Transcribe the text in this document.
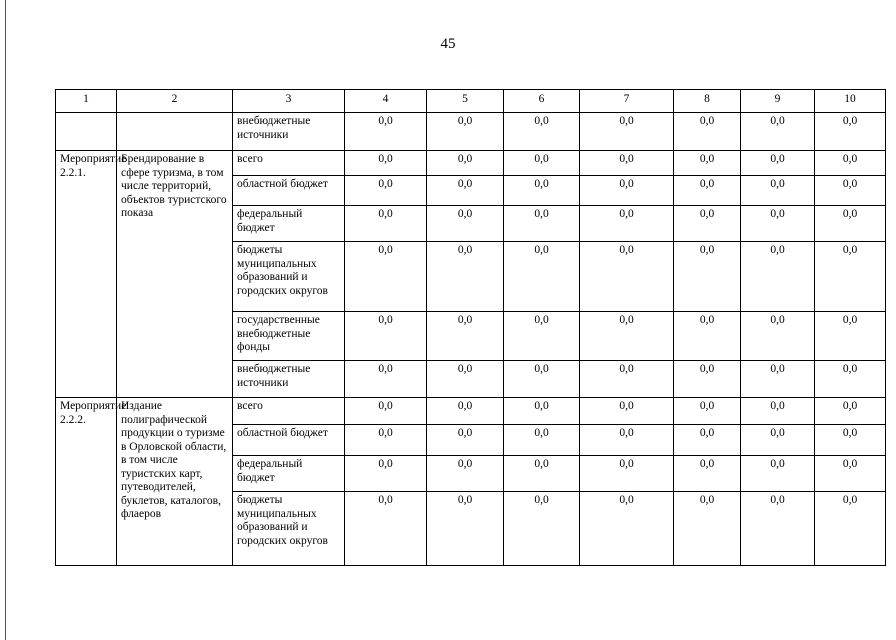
45
1	2	3	4	5	6	7	8	9	10
		внебюджетные источники	0,0	0,0	0,0	0,0	0,0	0,0	0,0
Мероприятие 2.2.1.	Брендирование в сфере туризма, в том числе территорий, объектов туристского показа	всего	0,0	0,0	0,0	0,0	0,0	0,0	0,0
		областной бюджет	0,0	0,0	0,0	0,0	0,0	0,0	0,0
		федеральный бюджет	0,0	0,0	0,0	0,0	0,0	0,0	0,0
		бюджеты муниципальных образований и городских округов	0,0	0,0	0,0	0,0	0,0	0,0	0,0
		государственные внебюджетные фонды	0,0	0,0	0,0	0,0	0,0	0,0	0,0
		внебюджетные источники	0,0	0,0	0,0	0,0	0,0	0,0	0,0
Мероприятие 2.2.2.	Издание полиграфической продукции о туризме в Орловской области, в том числе туристских карт, путеводителей, буклетов, каталогов, флаеров	всего	0,0	0,0	0,0	0,0	0,0	0,0	0,0
		областной бюджет	0,0	0,0	0,0	0,0	0,0	0,0	0,0
		федеральный бюджет	0,0	0,0	0,0	0,0	0,0	0,0	0,0
		бюджеты муниципальных образований и городских округов	0,0	0,0	0,0	0,0	0,0	0,0	0,0
